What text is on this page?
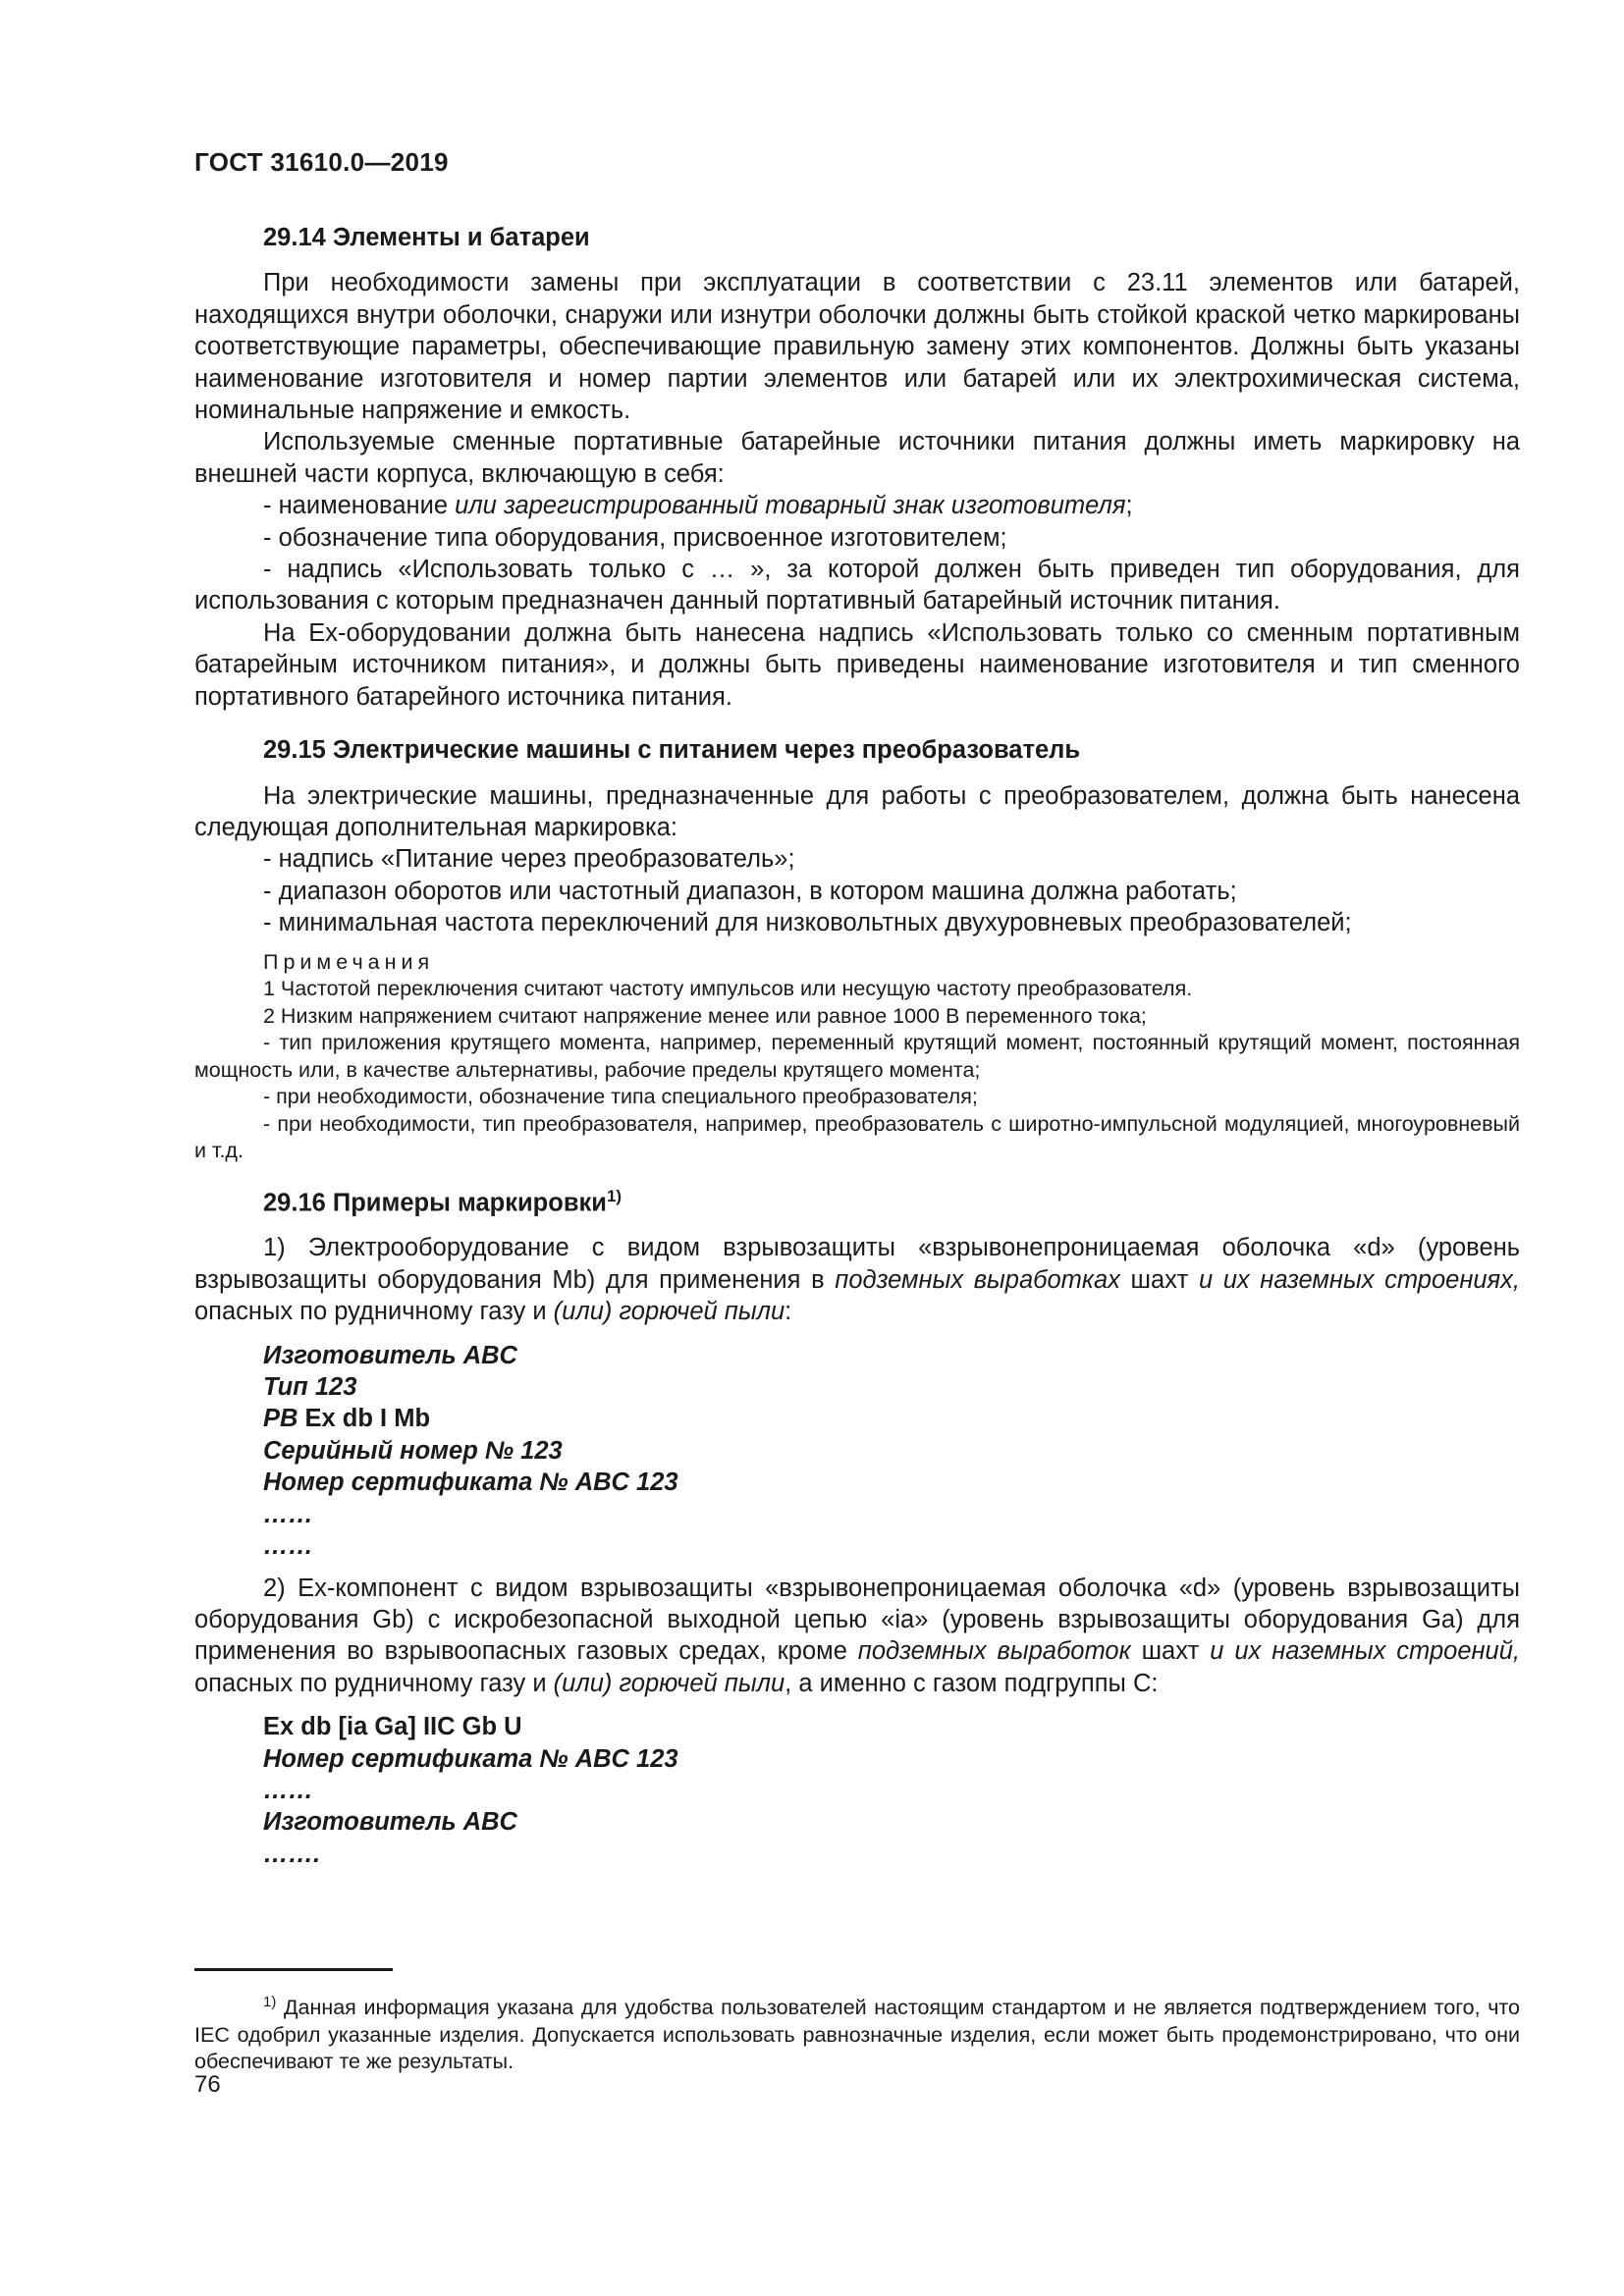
ГОСТ 31610.0—2019
29.14 Элементы и батареи

При необходимости замены при эксплуатации в соответствии с 23.11 элементов или батарей, находящихся внутри оболочки, снаружи или изнутри оболочки должны быть стойкой краской четко маркированы соответствующие параметры, обеспечивающие правильную замену этих компонентов. Должны быть указаны наименование изготовителя и номер партии элементов или батарей или их электрохимическая система, номинальные напряжение и емкость.

Используемые сменные портативные батарейные источники питания должны иметь маркировку на внешней части корпуса, включающую в себя:

- наименование или зарегистрированный товарный знак изготовителя;

- обозначение типа оборудования, присвоенное изготовителем;

- надпись «Использовать только с … », за которой должен быть приведен тип оборудования, для использования с которым предназначен данный портативный батарейный источник питания.

На Ex-оборудовании должна быть нанесена надпись «Использовать только со сменным портативным батарейным источником питания», и должны быть приведены наименование изготовителя и тип сменного портативного батарейного источника питания.

29.15 Электрические машины с питанием через преобразователь

На электрические машины, предназначенные для работы с преобразователем, должна быть нанесена следующая дополнительная маркировка:

- надпись «Питание через преобразователь»;

- диапазон оборотов или частотный диапазон, в котором машина должна работать;

- минимальная частота переключений для низковольтных двухуровневых преобразователей;

Примечания

1 Частотой переключения считают частоту импульсов или несущую частоту преобразователя.

2 Низким напряжением считают напряжение менее или равное 1000 В переменного тока;

- тип приложения крутящего момента, например, переменный крутящий момент, постоянный крутящий момент, постоянная мощность или, в качестве альтернативы, рабочие пределы крутящего момента;

- при необходимости, обозначение типа специального преобразователя;

- при необходимости, тип преобразователя, например, преобразователь с широтно-импульсной модуляцией, многоуровневый и т.д.

29.16 Примеры маркировки$^{1)}$

1) Электрооборудование с видом взрывозащиты «взрывонепроницаемая оболочка «d» (уровень взрывозащиты оборудования Mb) для применения в подземных выработках шахт и их наземных строениях, опасных по рудничному газу и (или) горючей пыли:

Изготовитель ABC
Тип 123
РВ Ex db I Mb
Серийный номер № 123
Номер сертификата № ABC 123
……
……

2) Ex-компонент с видом взрывозащиты «взрывонепроницаемая оболочка «d» (уровень взрывозащиты оборудования Gb) с искробезопасной выходной цепью «ia» (уровень взрывозащиты оборудования Ga) для применения во взрывоопасных газовых средах, кроме подземных выработок шахт и их наземных строений, опасных по рудничному газу и (или) горючей пыли, а именно с газом подгруппы С:

Ex db [ia Ga] IIC Gb U
Номер сертификата № ABC 123
……
Изготовитель ABC
…….
$^{1)}$ Данная информация указана для удобства пользователей настоящим стандартом и не является подтверждением того, что IEC одобрил указанные изделия. Допускается использовать равнозначные изделия, если может быть продемонстрировано, что они обеспечивают те же результаты.
76
